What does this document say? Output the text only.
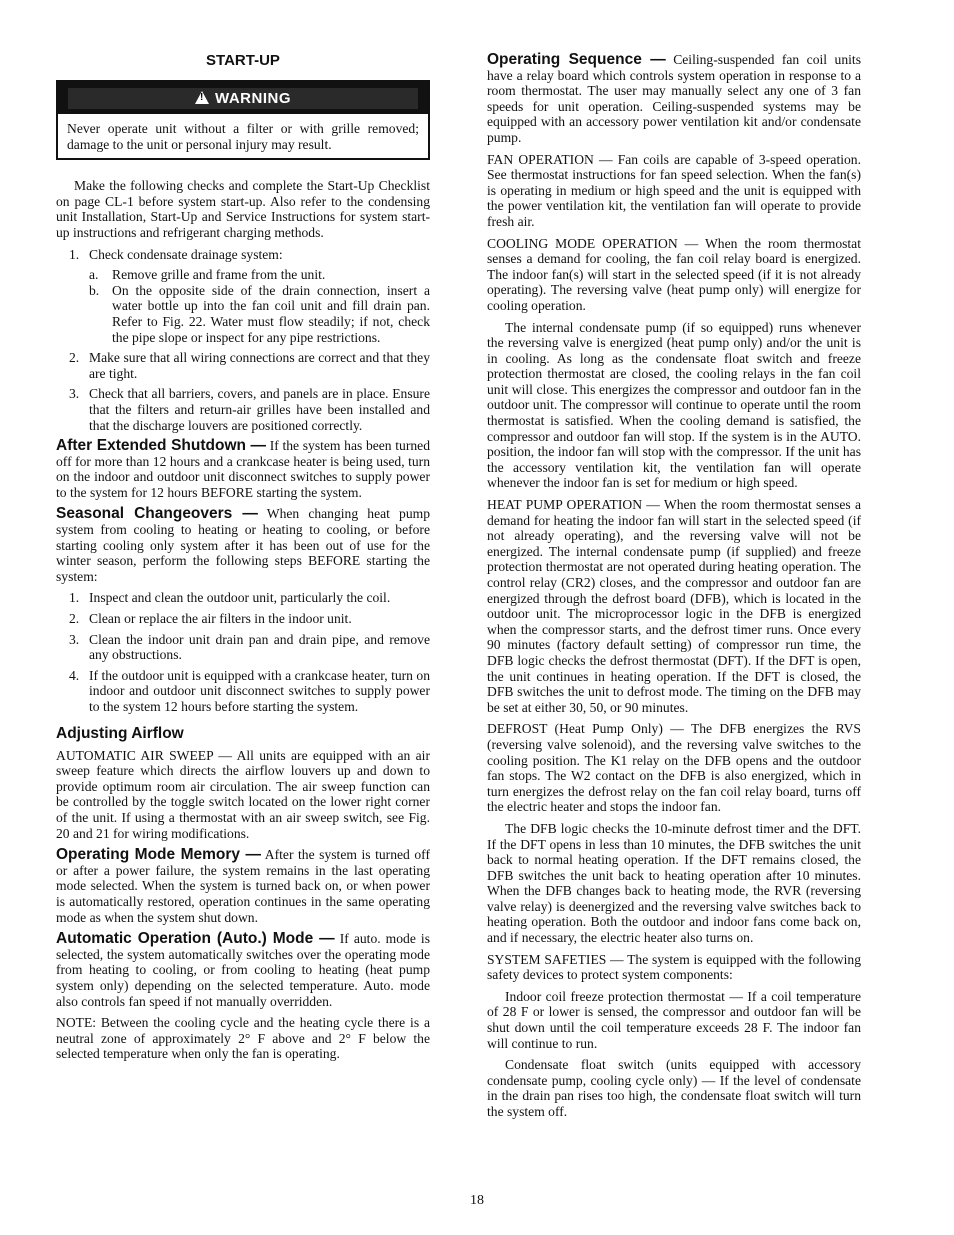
START-UP
! WARNING
Never operate unit without a filter or with grille removed; damage to the unit or personal injury may result.

Make the following checks and complete the Start-Up Checklist on page CL-1 before system start-up. Also refer to the condensing unit Installation, Start-Up and Service Instructions for system start-up instructions and refrigerant charging methods.

1. Check condensate drainage system:
a. Remove grille and frame from the unit.
b. On the opposite side of the drain connection, insert a water bottle up into the fan coil unit and fill drain pan. Refer to Fig. 22. Water must flow steadily; if not, check the pipe slope or inspect for any pipe restrictions.
2. Make sure that all wiring connections are correct and that they are tight.
3. Check that all barriers, covers, and panels are in place. Ensure that the filters and return-air grilles have been installed and that the discharge louvers are positioned correctly.

After Extended Shutdown — If the system has been turned off for more than 12 hours and a crankcase heater is being used, turn on the indoor and outdoor unit disconnect switches to supply power to the system for 12 hours BEFORE starting the system.

Seasonal Changeovers — When changing heat pump system from cooling to heating or heating to cooling, or before starting cooling only system after it has been out of use for the winter season, perform the following steps BEFORE starting the system:

1. Inspect and clean the outdoor unit, particularly the coil.
2. Clean or replace the air filters in the indoor unit.
3. Clean the indoor unit drain pan and drain pipe, and remove any obstructions.
4. If the outdoor unit is equipped with a crankcase heater, turn on indoor and outdoor unit disconnect switches to supply power to the system 12 hours before starting the system.
Adjusting Airflow

AUTOMATIC AIR SWEEP — All units are equipped with an air sweep feature which directs the airflow louvers up and down to provide optimum room air circulation. The air sweep function can be controlled by the toggle switch located on the lower right corner of the unit. If using a thermostat with an air sweep switch, see Fig. 20 and 21 for wiring modifications.

Operating Mode Memory — After the system is turned off or after a power failure, the system remains in the last operating mode selected. When the system is turned back on, or when power is automatically restored, operation continues in the same operating mode as when the system shut down.

Automatic Operation (Auto.) Mode — If auto. mode is selected, the system automatically switches over the operating mode from heating to cooling, or from cooling to heating (heat pump system only) depending on the selected temperature. Auto. mode also controls fan speed if not manually overridden.

NOTE: Between the cooling cycle and the heating cycle there is a neutral zone of approximately 2° F above and 2° F below the selected temperature when only the fan is operating.

Operating Sequence — Ceiling-suspended fan coil units have a relay board which controls system operation in response to a room thermostat. The user may manually select any one of 3 fan speeds for unit operation. Ceiling-suspended systems may be equipped with an accessory power ventilation kit and/or condensate pump.

FAN OPERATION — Fan coils are capable of 3-speed operation. See thermostat instructions for fan speed selection. When the fan(s) is operating in medium or high speed and the unit is equipped with the power ventilation kit, the ventilation fan will operate to provide fresh air.

COOLING MODE OPERATION — When the room thermostat senses a demand for cooling, the fan coil relay board is energized. The indoor fan(s) will start in the selected speed (if it is not already operating). The reversing valve (heat pump only) will energize for cooling operation.

The internal condensate pump (if so equipped) runs whenever the reversing valve is energized (heat pump only) and/or the unit is in cooling. As long as the condensate float switch and freeze protection thermostat are closed, the cooling relays in the fan coil unit will close. This energizes the compressor and outdoor fan in the outdoor unit. The compressor will continue to operate until the room thermostat is satisfied. When the cooling demand is satisfied, the compressor and outdoor fan will stop. If the system is in the AUTO. position, the indoor fan will stop with the compressor. If the unit has the accessory ventilation kit, the ventilation fan will operate whenever the indoor fan is set for medium or high speed.

HEAT PUMP OPERATION — When the room thermostat senses a demand for heating the indoor fan will start in the selected speed (if not already operating), and the reversing valve will not be energized. The internal condensate pump (if supplied) and freeze protection thermostat are not operated during heating operation. The control relay (CR2) closes, and the compressor and outdoor fan are energized through the defrost board (DFB), which is located in the outdoor unit. The microprocessor logic in the DFB is energized when the compressor starts, and the defrost timer runs. Once every 90 minutes (factory default setting) of compressor run time, the DFB logic checks the defrost thermostat (DFT). If the DFT is open, the unit continues in heating operation. If the DFT is closed, the DFB switches the unit to defrost mode. The timing on the DFB may be set at either 30, 50, or 90 minutes.

DEFROST (Heat Pump Only) — The DFB energizes the RVS (reversing valve solenoid), and the reversing valve switches to the cooling position. The K1 relay on the DFB opens and the outdoor fan stops. The W2 contact on the DFB is also energized, which in turn energizes the defrost relay on the fan coil relay board, turns off the electric heater and stops the indoor fan.

The DFB logic checks the 10-minute defrost timer and the DFT. If the DFT opens in less than 10 minutes, the DFB switches the unit back to normal heating operation. If the DFT remains closed, the DFB switches the unit back to heating operation after 10 minutes. When the DFB changes back to heating mode, the RVR (reversing valve relay) is deenergized and the reversing valve switches back to heating operation. Both the outdoor and indoor fans come back on, and if necessary, the electric heater also turns on.

SYSTEM SAFETIES — The system is equipped with the following safety devices to protect system components:

Indoor coil freeze protection thermostat — If a coil temperature of 28 F or lower is sensed, the compressor and outdoor fan will be shut down until the coil temperature exceeds 28 F. The indoor fan will continue to run.

Condensate float switch (units equipped with accessory condensate pump, cooling cycle only) — If the level of condensate in the drain pan rises too high, the condensate float switch will turn the system off.

18
